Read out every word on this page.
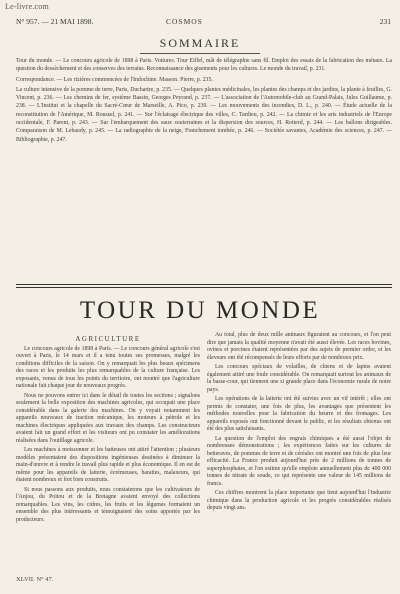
Le-livre.com
N° 957. — 21 MAI 1898.	COSMOS	231
SOMMAIRE

Tour du monde. — Le concours agricole de 1898 à Paris. Voitures. Tour Eiffel, mât de télégraphie sans fil. Emploi des essais de la fabrication des métaux. La question du dessèchement et des conserves des terrains. Reconnaissance des gisements pour les cultures. Le monde du travail, p. 231.

Correspondance. — Les rizières commencées de l'Indochine. Masson. Pierre, p. 235.

La culture intensive de la pomme de terre, Paris, Duchartre, p. 235. — Quelques plantes médicinales, les plantes des champs et des jardins, la plante à feuilles, G. Vincent, p. 236. — Les chemins de fer, système Bassin, Georges Peyrand, p. 237. — L'association de l'Automobile-club au Grand-Palais, Jules Guillaume, p. 238. — L'Institut et la chapelle du Sacré-Cœur de Marseille, A. Pico, p. 239. — Les mouvements des incendies, D. L., p. 240. — Étude actuelle de la reconstitution de l'Amérique, M. Roussel, p. 241. — Sur l'éclairage électrique des villes, C. Tardieu, p. 242. — La chimie et les arts industriels de l'Europe occidentale, F. Parent, p. 243. — Sur l'embarquement des eaux souterraines et la dispersion des sources, H. Rotterd, p. 244. — Les ballons dirigeables. Comparaison de M. Lebaudy, p. 245. — La radiographie de la neige, Franchement tombée, p. 246. — Sociétés savantes, Académie des sciences, p. 247. — Bibliographie, p. 247.

TOUR DU MONDE

AGRICULTURE

Le concours agricole de 1898 à Paris. — Le concours général agricole s'est ouvert à Paris, le 14 mars et il a tenu toutes ses promesses, malgré les conditions difficiles de la saison. On y remarquait les plus beaux spécimens des races et les produits les plus remarquables de la culture française. Les exposants, venus de tous les points du territoire, ont montré que l'agriculture nationale fait chaque jour de nouveaux progrès.

Nous ne pouvons entrer ici dans le détail de toutes les sections ; signalons seulement la belle exposition des machines agricoles, qui occupait une place considérable dans la galerie des machines. On y voyait notamment les appareils nouveaux de traction mécanique, les moteurs à pétrole et les machines électriques appliquées aux travaux des champs. Les constructeurs avaient fait un grand effort et les visiteurs ont pu constater les améliorations réalisées dans l'outillage agricole.

Les machines à moissonner et les batteuses ont attiré l'attention ; plusieurs modèles présentaient des dispositions ingénieuses destinées à diminuer la main-d'œuvre et à rendre le travail plus rapide et plus économique. Il en est de même pour les appareils de laiterie, écrémeuses, barattes, malaxeurs, qui étaient nombreux et fort bien construits.

Si nous passons aux produits, nous constaterons que les cultivateurs de l'Anjou, du Poitou et de la Bretagne avaient envoyé des collections remarquables. Les vins, les cidres, les fruits et les légumes formaient un ensemble des plus intéressants et témoignaient des soins apportés par les producteurs.

Au total, plus de deux mille animaux figuraient au concours, et l'on peut dire que jamais la qualité moyenne n'avait été aussi élevée. Les races bovines, ovines et porcines étaient représentées par des sujets de premier ordre, et les éleveurs ont été récompensés de leurs efforts par de nombreux prix.

Les concours spéciaux de volailles, de chiens et de lapins avaient également attiré une foule considérable. On remarquait surtout les animaux de la basse-cour, qui tiennent une si grande place dans l'économie rurale de notre pays.

Les opérations de la laiterie ont été suivies avec un vif intérêt ; elles ont permis de constater, une fois de plus, les avantages que présentent les méthodes nouvelles pour la fabrication du beurre et des fromages. Les appareils exposés ont fonctionné devant le public, et les résultats obtenus ont été des plus satisfaisants.

La question de l'emploi des engrais chimiques a été aussi l'objet de nombreuses démonstrations ; les expériences faites sur les cultures de betteraves, de pommes de terre et de céréales ont montré une fois de plus leur efficacité. La France produit aujourd'hui près de 2 millions de tonnes de superphosphates, et l'on estime qu'elle emploie annuellement plus de 400 000 tonnes de nitrate de soude, ce qui représente une valeur de 145 millions de francs.

Ces chiffres montrent la place importante que tient aujourd'hui l'industrie chimique dans la production agricole et les progrès considérables réalisés depuis vingt ans.

XLVII. N° 47.
